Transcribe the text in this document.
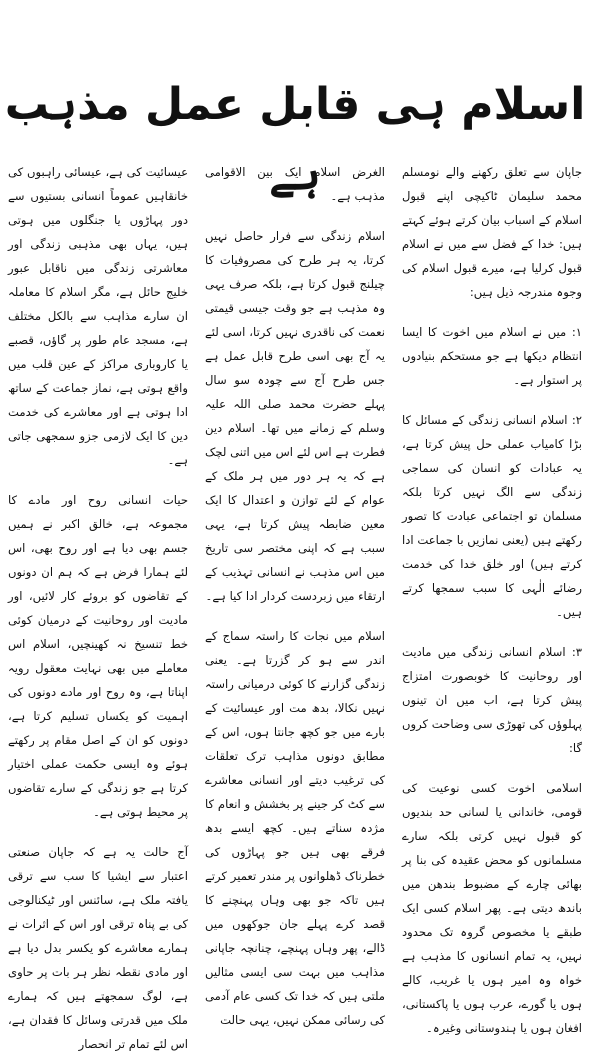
اسلام ہی قابل عمل مذہب ہے	جاپان سے تعلق رکھنے والے نومسلم محمد سلیمان ٹاکیچی اپنے قبول اسلام کے اسباب بیان کرتے ہوئے کہتے ہیں: خدا کے فضل سے میں نے اسلام قبول کرلیا ہے، میرے قبول اسلام کی وجوہ مندرجہ ذیل ہیں:

۱: میں نے اسلام میں اخوت کا ایسا انتظام دیکھا ہے جو مستحکم بنیادوں پر استوار ہے۔

۲: اسلام انسانی زندگی کے مسائل کا بڑا کامیاب عملی حل پیش کرتا ہے، یہ عبادات کو انسان کی سماجی زندگی سے الگ نہیں کرتا بلکہ مسلمان تو اجتماعی عبادت کا تصور رکھتے ہیں (یعنی نمازیں با جماعت ادا کرتے ہیں) اور خلق خدا کی خدمت رضائے الٰہی کا سبب سمجھا کرتے ہیں۔

۳: اسلام انسانی زندگی میں مادیت اور روحانیت کا خوبصورت امتزاج پیش کرتا ہے، اب میں ان تینوں پہلوؤں کی تھوڑی سی وضاحت کروں گا:

اسلامی اخوت کسی نوعیت کی قومی، خاندانی یا لسانی حد بندیوں کو قبول نہیں کرتی بلکہ سارے مسلمانوں کو محض عقیدہ کی بنا پر بھائی چارے کے مضبوط بندھن میں باندھ دیتی ہے۔ پھر اسلام کسی ایک طبقے یا مخصوص گروہ تک محدود نہیں، یہ تمام انسانوں کا مذہب ہے خواہ وہ امیر ہوں یا غریب، کالے ہوں یا گورے، عرب ہوں یا پاکستانی، افغان ہوں یا ہندوستانی وغیرہ۔

الغرض اسلام ایک بین الاقوامی مذہب ہے۔

اسلام زندگی سے فرار حاصل نہیں کرتا، یہ ہر طرح کی مصروفیات کا چیلنج قبول کرتا ہے، بلکہ صرف یہی وہ مذہب ہے جو وقت جیسی قیمتی نعمت کی ناقدری نہیں کرتا، اسی لئے یہ آج بھی اسی طرح قابل عمل ہے جس طرح آج سے چودہ سو سال پہلے حضرت محمد صلی اللہ علیہ وسلم کے زمانے میں تھا۔ اسلام دین فطرت ہے اس لئے اس میں اتنی لچک ہے کہ یہ ہر دور میں ہر ملک کے عوام کے لئے توازن و اعتدال کا ایک معین ضابطہ پیش کرتا ہے، یہی سبب ہے کہ اپنی مختصر سی تاریخ میں اس مذہب نے انسانی تہذیب کے ارتقاء میں زبردست کردار ادا کیا ہے۔

اسلام میں نجات کا راستہ سماج کے اندر سے ہو کر گزرتا ہے۔ یعنی زندگی گزارنے کا کوئی درمیانی راستہ نہیں نکالا، بدھ مت اور عیسائیت کے بارے میں جو کچھ جانتا ہوں، اس کے مطابق دونوں مذاہب ترک تعلقات کی ترغیب دیتے اور انسانی معاشرے سے کٹ کر جینے پر بخشش و انعام کا مژدہ سناتے ہیں۔ کچھ ایسے بدھ فرقے بھی ہیں جو پہاڑوں کی خطرناک ڈھلوانوں پر مندر تعمیر کرتے ہیں تاکہ جو بھی وہاں پہنچنے کا قصد کرے پہلے جان جوکھوں میں ڈالے، پھر وہاں پہنچے، چنانچہ جاپانی مذاہب میں بہت سی ایسی مثالیں ملتی ہیں کہ خدا تک کسی عام آدمی کی رسائی ممکن نہیں، یہی حالت

عیسائیت کی ہے، عیسائی راہبوں کی خانقاہیں عموماً انسانی بستیوں سے دور پہاڑوں یا جنگلوں میں ہوتی ہیں، یہاں بھی مذہبی زندگی اور معاشرتی زندگی میں ناقابل عبور خلیج حائل ہے، مگر اسلام کا معاملہ ان سارے مذاہب سے بالکل مختلف ہے، مسجد عام طور پر گاؤں، قصبے یا کاروباری مراکز کے عین قلب میں واقع ہوتی ہے، نماز جماعت کے ساتھ ادا ہوتی ہے اور معاشرے کی خدمت دین کا ایک لازمی جزو سمجھی جاتی ہے۔

حیات انسانی روح اور مادے کا مجموعہ ہے، خالق اکبر نے ہمیں جسم بھی دیا ہے اور روح بھی، اس لئے ہمارا فرض ہے کہ ہم ان دونوں کے تقاضوں کو بروئے کار لائیں، اور مادیت اور روحانیت کے درمیان کوئی خط تنسیخ نہ کھینچیں، اسلام اس معاملے میں بھی نہایت معقول رویہ اپناتا ہے، وہ روح اور مادے دونوں کی اہمیت کو یکساں تسلیم کرتا ہے، دونوں کو ان کے اصل مقام پر رکھتے ہوئے وہ ایسی حکمت عملی اختیار کرتا ہے جو زندگی کے سارے تقاضوں پر محیط ہوتی ہے۔

آج حالت یہ ہے کہ جاپان صنعتی اعتبار سے ایشیا کا سب سے ترقی یافتہ ملک ہے، سائنس اور ٹیکنالوجی کی بے پناہ ترقی اور اس کے اثرات نے ہمارے معاشرے کو یکسر بدل دیا ہے اور مادی نقطہ نظر ہر بات پر حاوی ہے، لوگ سمجھتے ہیں کہ ہمارے ملک میں قدرتی وسائل کا فقدان ہے، اس لئے تمام تر انحصار
